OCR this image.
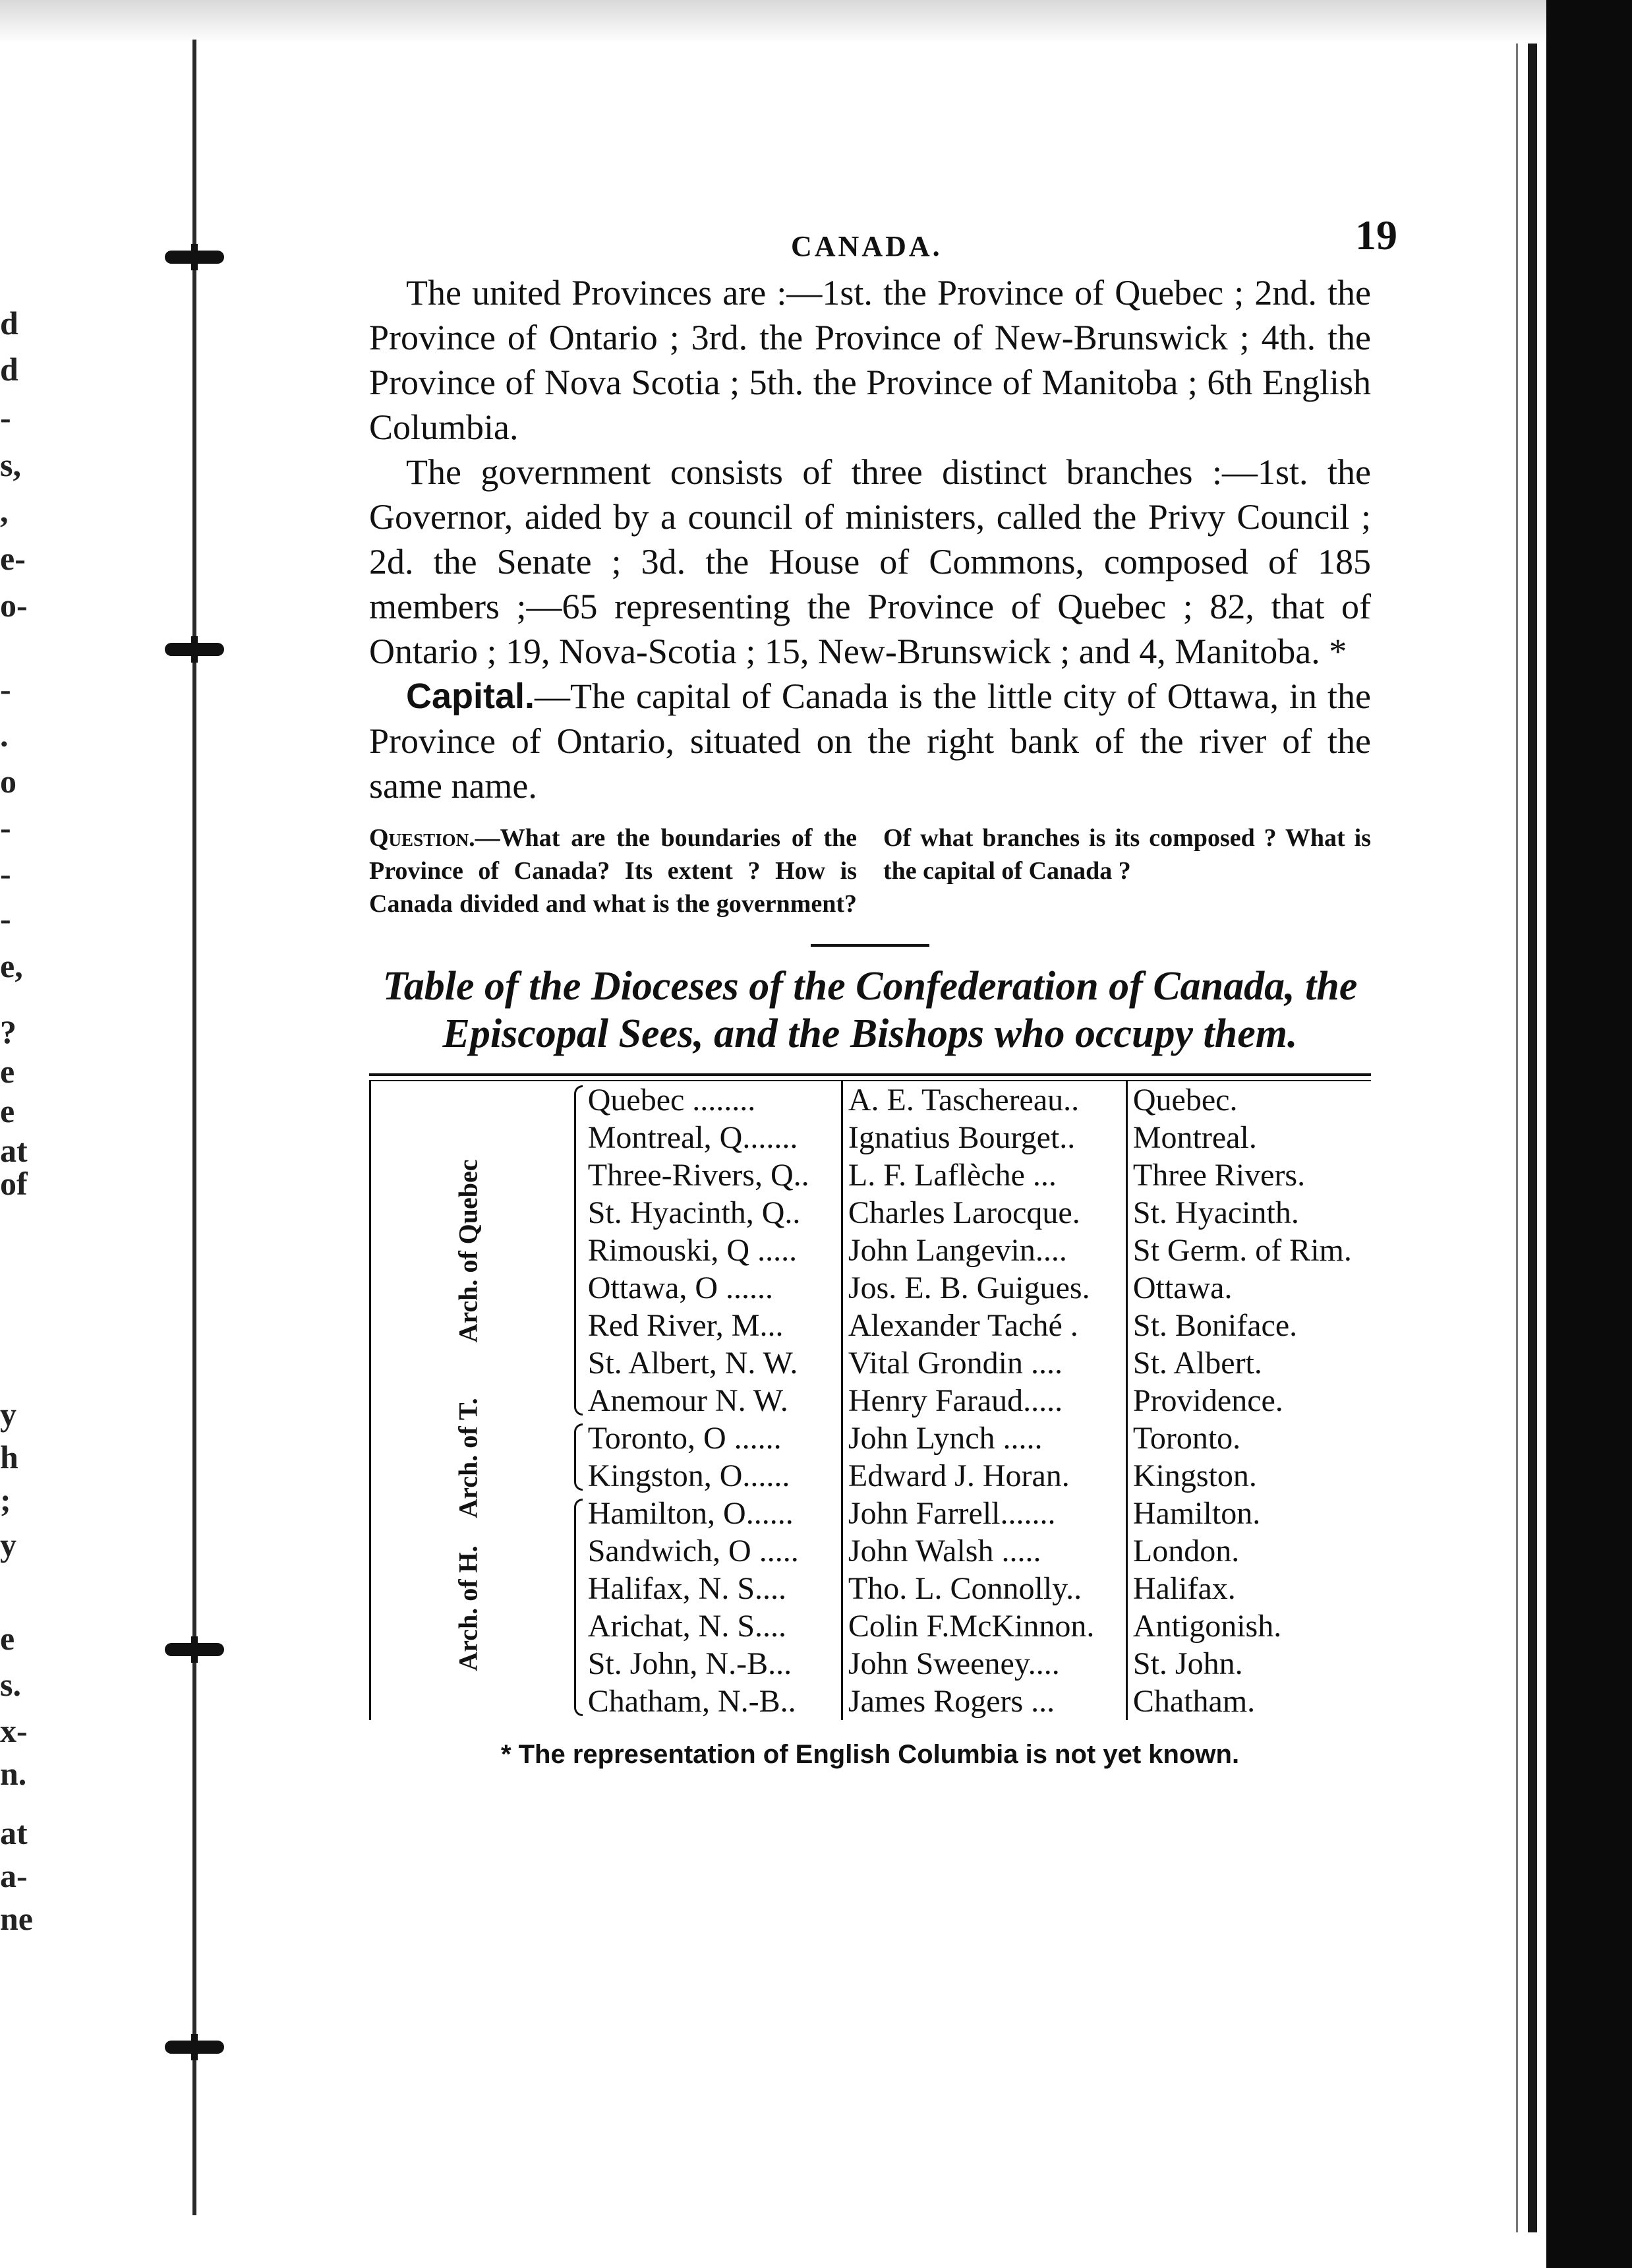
d
d
-
s,
,
e-
o-
-
.
o
-
-
-
e,
?
e
e
at
of
y
h
;
y
e
s.
x-
n.
at
a-
ne
CANADA.	19

The united Provinces are :—1st. the Province of Quebec ; 2nd. the Province of Ontario ; 3rd. the Province of New-Brunswick ; 4th. the Province of Nova Scotia ; 5th. the Province of Manitoba ; 6th English Columbia.

The government consists of three distinct branches :—1st. the Governor, aided by a council of ministers, called the Privy Council ; 2d. the Senate ; 3d. the House of Commons, composed of 185 members ;—65 representing the Province of Quebec ; 82, that of Ontario ; 19, Nova-Scotia ; 15, New-Brunswick ; and 4, Manitoba. *

Capital.—The capital of Canada is the little city of Ottawa, in the Province of Ontario, situated on the right bank of the river of the same name.

Question.—What are the boundaries of the Province of Canada? Its extent ? How is Canada divided and what is the government? Of what branches is its composed ? What is the capital of Canada ?

Table of the Dioceses of the Confederation of Canada, the Episcopal Sees, and the Bishops who occupy them.

Arch. of Quebec		Quebec ........	A. E. Taschereau..	Quebec.
		Montreal, Q.......	Ignatius Bourget..	Montreal.
		Three-Rivers, Q..	L. F. Laflèche ...	Three Rivers.
		St. Hyacinth, Q..	Charles Larocque.	St. Hyacinth.
		Rimouski, Q .....	John Langevin....	St Germ. of Rim.
		Ottawa, O ......	Jos. E. B. Guigues.	Ottawa.
		Red River, M...	Alexander Taché .	St. Boniface.
		St. Albert, N. W.	Vital Grondin ....	St. Albert.
		Anemour N. W.	Henry Faraud.....	Providence.
Arch. of T.		Toronto, O ......	John Lynch .....	Toronto.
		Kingston, O......	Edward J. Horan.	Kingston.
Arch. of H.		Hamilton, O......	John Farrell.......	Hamilton.
		Sandwich, O .....	John Walsh .....	London.
		Halifax, N. S....	Tho. L. Connolly..	Halifax.
		Arichat, N. S....	Colin F.McKinnon.	Antigonish.
		St. John, N.-B...	John Sweeney....	St. John.
		Chatham, N.-B..	James Rogers ...	Chatham.
* The representation of English Columbia is not yet known.
